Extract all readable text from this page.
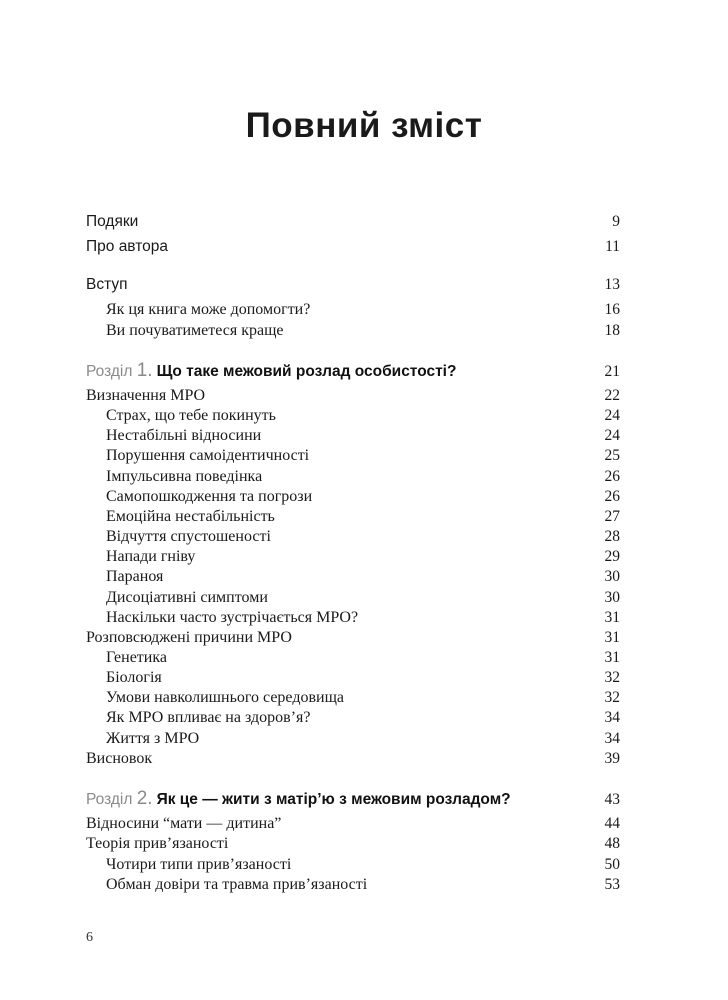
Повний зміст
Подяки	9
Про автора	11
Вступ	13
Як ця книга може допомогти?	16
Ви почуватиметеся краще	18
Розділ 1. Що таке межовий розлад особистості?	21
Визначення МРО	22
Страх, що тебе покинуть	24
Нестабільні відносини	24
Порушення самоідентичності	25
Імпульсивна поведінка	26
Самопошкодження та погрози	26
Емоційна нестабільність	27
Відчуття спустошеності	28
Напади гніву	29
Параноя	30
Дисоціативні симптоми	30
Наскільки часто зустрічається МРО?	31
Розповсюджені причини МРО	31
Генетика	31
Біологія	32
Умови навколишнього середовища	32
Як МРО впливає на здоров’я?	34
Життя з МРО	34
Висновок	39
Розділ 2. Як це — жити з матір’ю з межовим розладом?	43
Відносини “мати — дитина”	44
Теорія прив’язаності	48
Чотири типи прив’язаності	50
Обман довіри та травма прив’язаності	53
6
